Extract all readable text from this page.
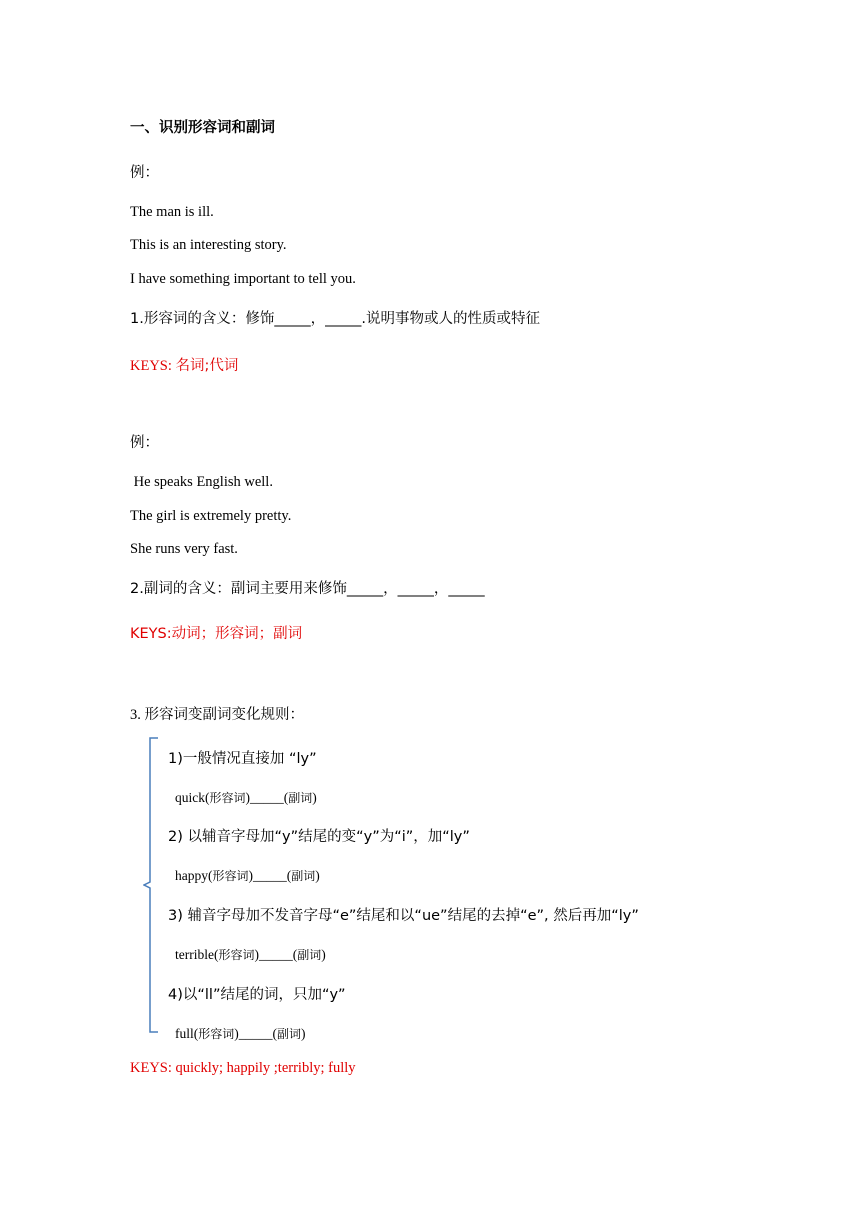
一、识别形容词和副词
例：
The man is ill.
This is an interesting story.
I have something important to tell you.
1.形容词的含义：修饰_____，_____.说明事物或人的性质或特征
KEYS: 名词;代词
例：
He speaks English well.
The girl is extremely pretty.
She runs very fast.
2.副词的含义：副词主要用来修饰_____，_____，_____
KEYS:动词；形容词；副词
3. 形容词变副词变化规则：
1)一般情况直接加 “ly”
quick(形容词)_____(副词)
2) 以辅音字母加“y”结尾的变“y”为“i”，加“ly”
happy(形容词)_____(副词)
3) 辅音字母加不发音字母“e”结尾和以“ue”结尾的去掉“e”, 然后再加“ly”
terrible(形容词)_____(副词)
4)以“ll”结尾的词，只加“y”
full(形容词)_____(副词)
KEYS: quickly; happily ;terribly; fully
